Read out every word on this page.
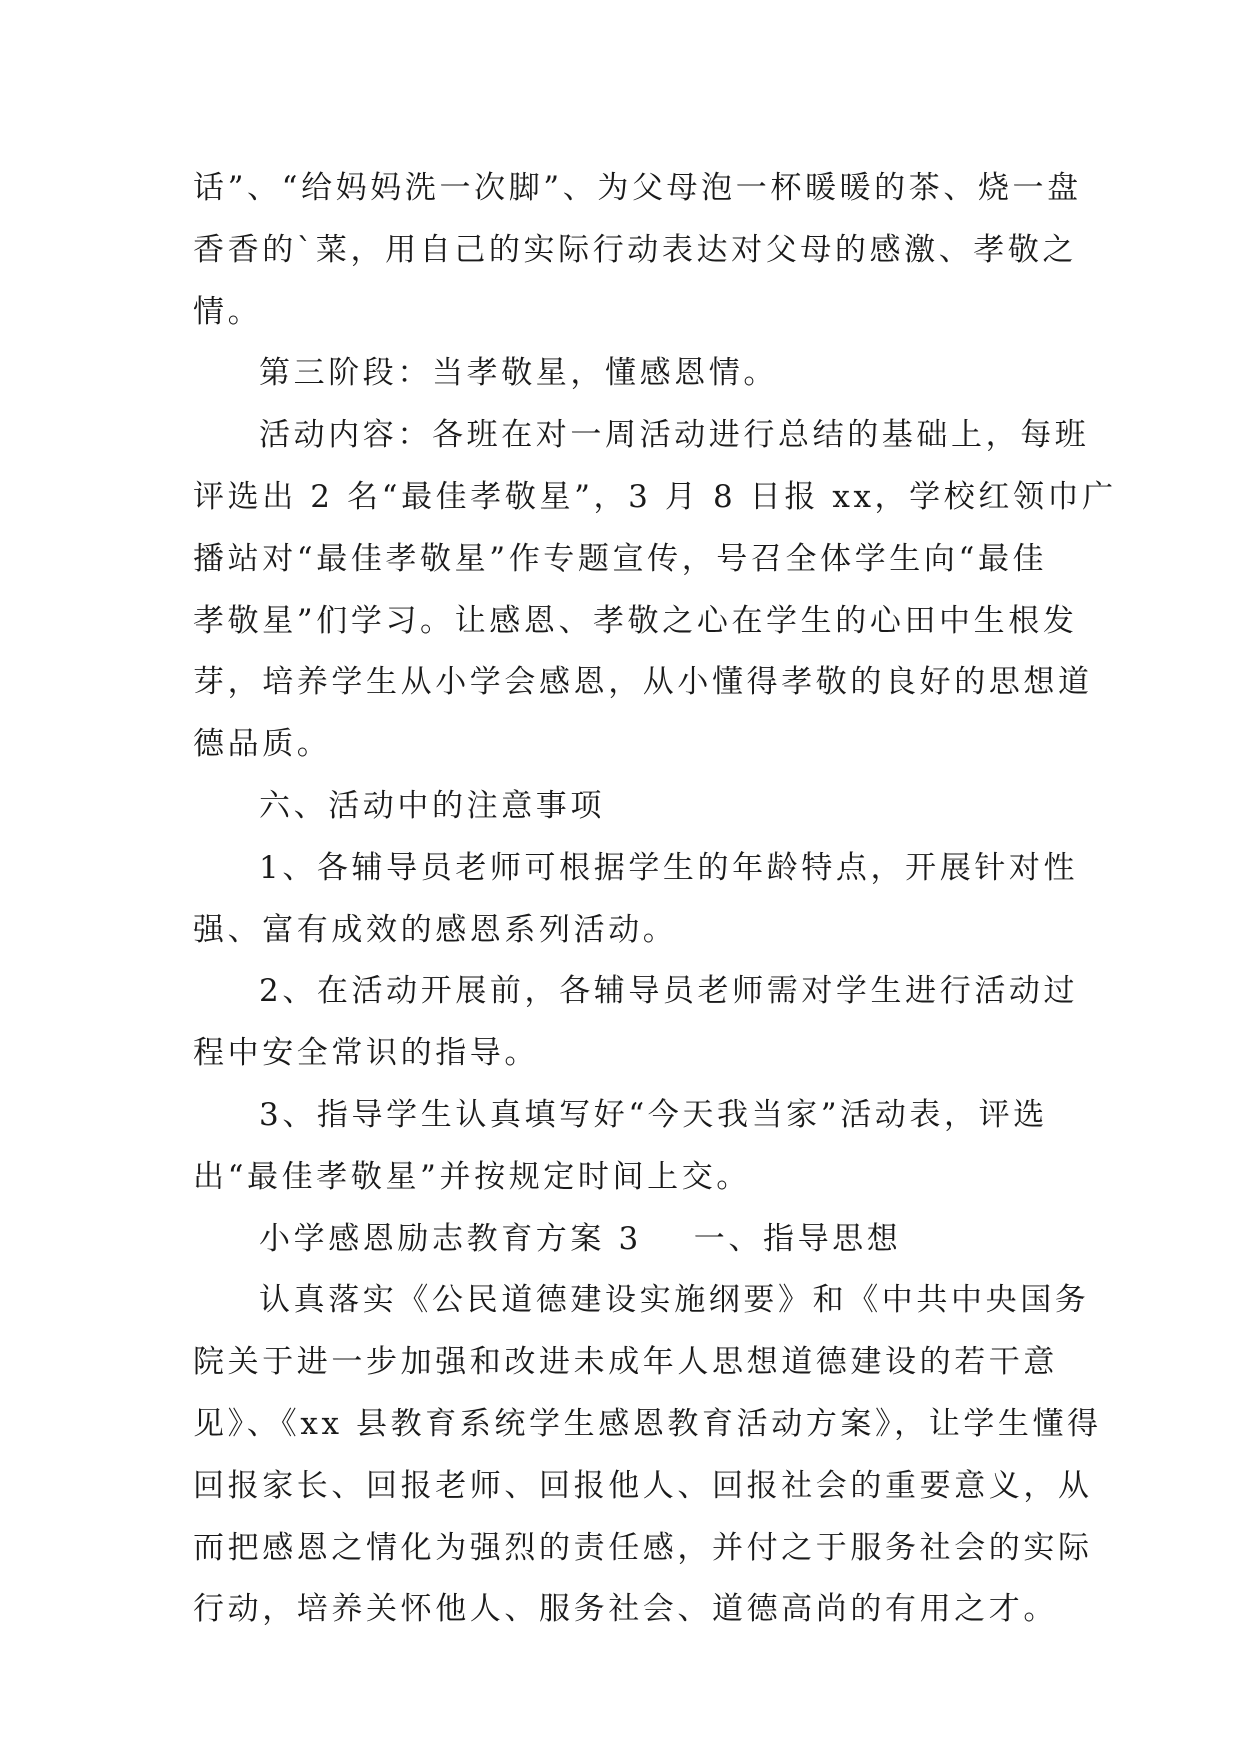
话”、“给妈妈洗一次脚”、为父母泡一杯暖暖的茶、烧一盘
香香的`菜，用自己的实际行动表达对父母的感激、孝敬之
情。
第三阶段：当孝敬星，懂感恩情。
活动内容：各班在对一周活动进行总结的基础上，每班
评选出 2 名“最佳孝敬星”，3 月 8 日报 xx，学校红领巾广
播站对“最佳孝敬星”作专题宣传，号召全体学生向“最佳
孝敬星”们学习。让感恩、孝敬之心在学生的心田中生根发
芽，培养学生从小学会感恩，从小懂得孝敬的良好的思想道
德品质。
六、活动中的注意事项
1、各辅导员老师可根据学生的年龄特点，开展针对性
强、富有成效的感恩系列活动。
2、在活动开展前，各辅导员老师需对学生进行活动过
程中安全常识的指导。
3、指导学生认真填写好“今天我当家”活动表，评选
出“最佳孝敬星”并按规定时间上交。
小学感恩励志教育方案 3 一、指导思想
认真落实《公民道德建设实施纲要》和《中共中央国务
院关于进一步加强和改进未成年人思想道德建设的若干意
见》、《xx 县教育系统学生感恩教育活动方案》，让学生懂得
回报家长、回报老师、回报他人、回报社会的重要意义，从
而把感恩之情化为强烈的责任感，并付之于服务社会的实际
行动，培养关怀他人、服务社会、道德高尚的有用之才。
